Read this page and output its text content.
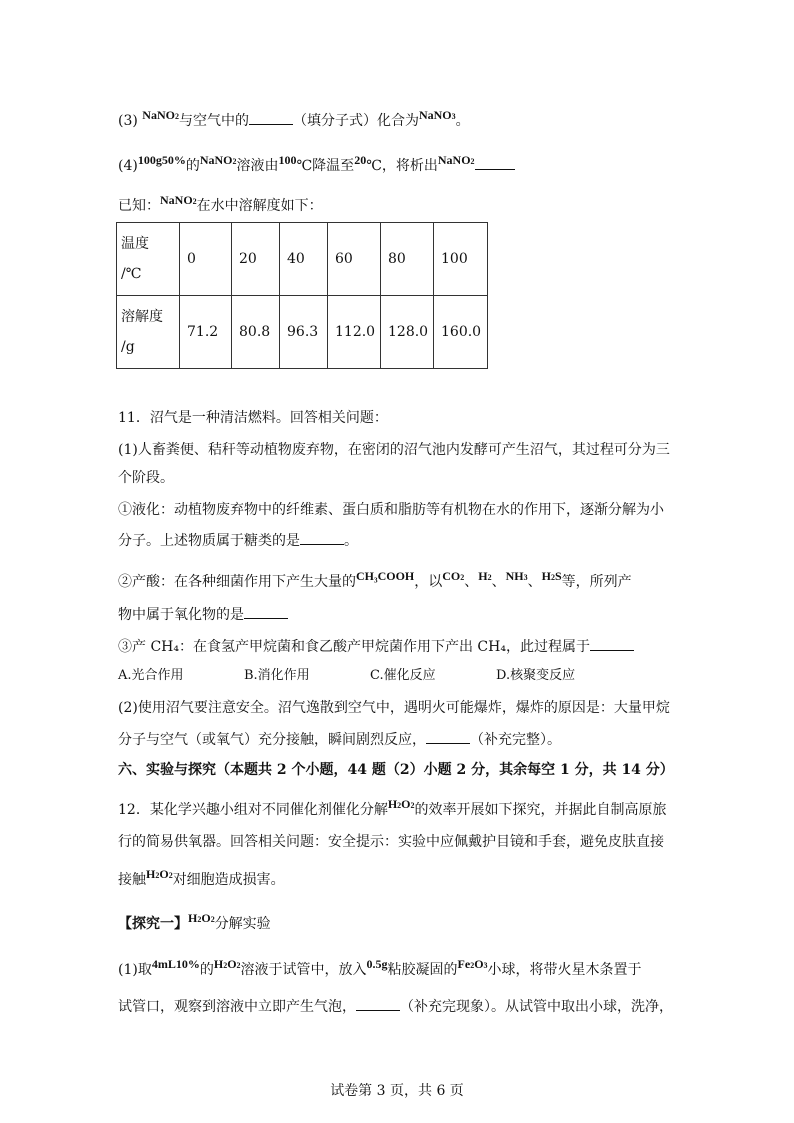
(3) NaNO2与空气中的	（填分子式）化合为NaNO3。
(4)100g50%的NaNO2溶液由100℃降温至20℃，将析出NaNO2
已知：NaNO2在水中溶解度如下：
温度
/℃	0	20	40	60	80	100

溶解度
/g	71.2	80.8	96.3	112.0	128.0	160.0
11．沼气是一种清洁燃料。回答相关问题：
(1)人畜粪便、秸秆等动植物废弃物，在密闭的沼气池内发酵可产生沼气，其过程可分为三
个阶段。
①液化：动植物废弃物中的纤维素、蛋白质和脂肪等有机物在水的作用下，逐渐分解为小
分子。上述物质属于糖类的是	。
②产酸：在各种细菌作用下产生大量的CH₃COOH，以CO2、H2、NH3、H2S等，所列产
物中属于氧化物的是
③产 CH₄：在食氢产甲烷菌和食乙酸产甲烷菌作用下产出 CH₄，此过程属于
A.光合作用	B.消化作用	C.催化反应	D.核聚变反应
(2)使用沼气要注意安全。沼气逸散到空气中，遇明火可能爆炸，爆炸的原因是：大量甲烷
分子与空气（或氧气）充分接触，瞬间剧烈反应，	（补充完整）。
六、实验与探究（本题共 2 个小题，44 题（2）小题 2 分，其余每空 1 分，共 14 分）
12．某化学兴趣小组对不同催化剂催化分解H2O2的效率开展如下探究，并据此自制高原旅
行的简易供氧器。回答相关问题：安全提示：实验中应佩戴护目镜和手套，避免皮肤直接
接触H2O2对细胞造成损害。
【探究一】H2O2分解实验
(1)取4mL10%的H2O2溶液于试管中，放入0.5g粘胶凝固的Fe2O3小球，将带火星木条置于
试管口，观察到溶液中立即产生气泡，	（补充完现象）。从试管中取出小球，洗净，
试卷第 3 页，共 6 页
